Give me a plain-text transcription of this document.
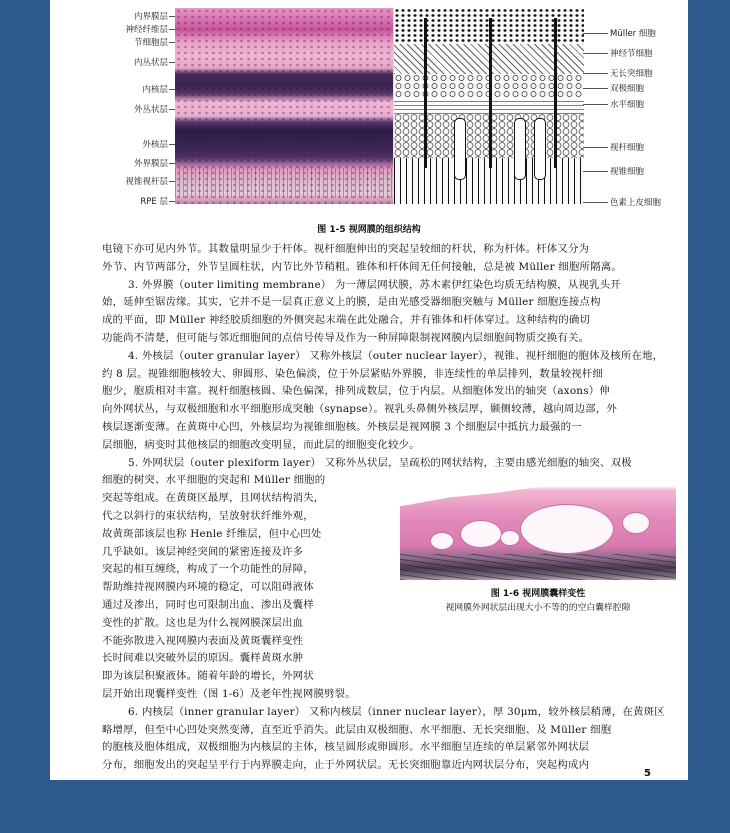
内界膜层
神经纤维层
节细胞层
内丛状层
内核层
外丛状层
外核层
外界膜层
视锥视杆层
RPE 层
Müller 细胞
神经节细胞
无长突细胞
双极细胞
水平细胞
视杆细胞
视锥细胞
色素上皮细胞
图 1-5 视网膜的组织结构
电镜下亦可见内外节。其数量明显少于杆体。视杆细胞伸出的突起呈较细的杆状，称为杆体。杆体又分为
外节、内节两部分，外节呈圆柱状，内节比外节稍粗。锥体和杆体间无任何接触，总是被 Müller 细胞所隔离。
3. 外界膜（outer limiting membrane） 为一薄层网状膜，苏木素伊红染色均质无结构膜，从视乳头开
始，延伸至锯齿缘。其实，它并不是一层真正意义上的膜，是由光感受器细胞突触与 Müller 细胞连接点构
成的平面，即 Müller 神经胶质细胞的外侧突起末端在此处融合，并有锥体和杆体穿过。这种结构的确切
功能尚不清楚，但可能与邻近细胞间的点信号传导及作为一种屏障限制视网膜内层细胞间物质交换有关。
4. 外核层（outer granular layer） 又称外核层（outer nuclear layer），视锥、视杆细胞的胞体及核所在地，
约 8 层。视锥细胞核较大、卵圆形、染色偏淡，位于外层紧贴外界膜，非连续性的单层排列，数量较视杆细
胞少，胞质相对丰富。视杆细胞核圆、染色偏深，排列成数层，位于内层。从细胞体发出的轴突（axons）伸
向外网状丛，与双极细胞和水平细胞形成突触（synapse）。视乳头鼻侧外核层厚，颞侧较薄，越向周边部，外
核层逐渐变薄。在黄斑中心凹，外核层均为视锥细胞核。外核层是视网膜 3 个细胞层中抵抗力最强的一
层细胞，病变时其他核层的细胞改变明显，而此层的细胞变化较少。
5. 外网状层（outer plexiform layer） 又称外丛状层，呈疏松的网状结构，主要由感光细胞的轴突、双极
细胞的树突、水平细胞的突起和 Müller 细胞的
突起等组成。在黄斑区最厚，且网状结构消失，
代之以斜行的束状结构，呈放射状纤维外观，
故黄斑部该层也称 Henle 纤维层，但中心凹处
几乎缺如。该层神经突间的紧密连接及许多
突起的相互缠绕，构成了一个功能性的屏障，
帮助维持视网膜内环境的稳定，可以阻碍液体
通过及渗出，同时也可限制出血、渗出及囊样
变性的扩散。这也是为什么视网膜深层出血
不能弥散进入视网膜内表面及黄斑囊样变性
长时间难以突破外层的原因。囊样黄斑水肿
即为该层积聚液体。随着年龄的增长，外网状
层开始出现囊样变性（图 1-6）及老年性视网膜劈裂。
6. 内核层（inner granular layer） 又称内核层（inner nuclear layer），厚 30μm，较外核层稍薄，在黄斑区
略增厚，但至中心凹处突然变薄，直至近乎消失。此层由双极细胞、水平细胞、无长突细胞、及 Müller 细胞
的胞核及胞体组成，双极细胞为内核层的主体，核呈圆形或卵圆形。水平细胞呈连续的单层紧邻外网状层
分布，细胞发出的突起呈平行于内界膜走向，止于外网状层。无长突细胞靠近内网状层分布，突起构成内
图 1-6 视网膜囊样变性
视网膜外网状层出现大小不等的的空白囊样腔隙
5
